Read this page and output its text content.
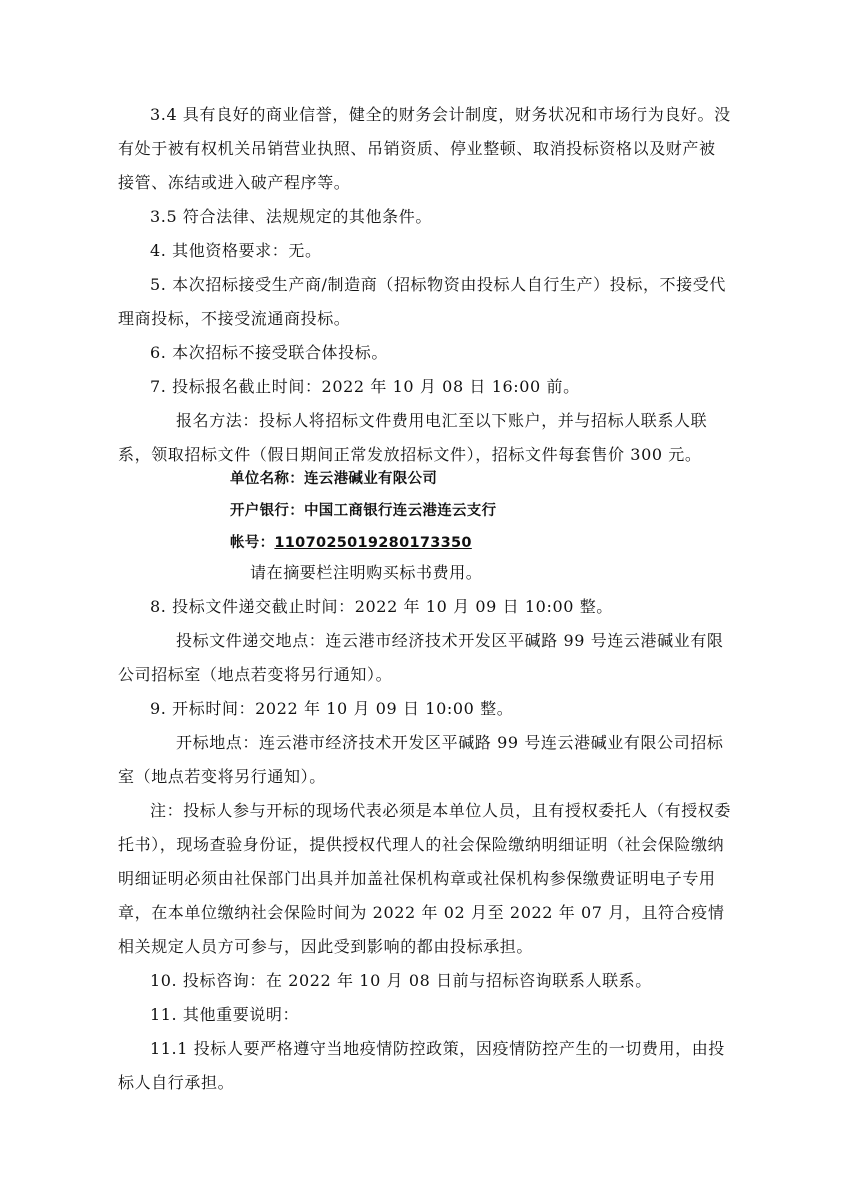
3.4 具有良好的商业信誉，健全的财务会计制度，财务状况和市场行为良好。没有处于被有权机关吊销营业执照、吊销资质、停业整顿、取消投标资格以及财产被接管、冻结或进入破产程序等。

3.5 符合法律、法规规定的其他条件。

4. 其他资格要求：无。

5. 本次招标接受生产商/制造商（招标物资由投标人自行生产）投标，不接受代理商投标，不接受流通商投标。

6. 本次招标不接受联合体投标。

7. 投标报名截止时间：2022 年 10 月 08 日 16:00 前。

报名方法：投标人将招标文件费用电汇至以下账户，并与招标人联系人联系，领取招标文件（假日期间正常发放招标文件），招标文件每套售价 300 元。

单位名称：连云港碱业有限公司
开户银行：中国工商银行连云港连云支行
帐号：1107025019280173350

请在摘要栏注明购买标书费用。

8. 投标文件递交截止时间：2022 年 10 月 09 日 10:00 整。

投标文件递交地点：连云港市经济技术开发区平碱路 99 号连云港碱业有限公司招标室（地点若变将另行通知）。

9. 开标时间：2022 年 10 月 09 日 10:00 整。

开标地点：连云港市经济技术开发区平碱路 99 号连云港碱业有限公司招标室（地点若变将另行通知）。

注：投标人参与开标的现场代表必须是本单位人员，且有授权委托人（有授权委托书），现场查验身份证，提供授权代理人的社会保险缴纳明细证明（社会保险缴纳明细证明必须由社保部门出具并加盖社保机构章或社保机构参保缴费证明电子专用章，在本单位缴纳社会保险时间为 2022 年 02 月至 2022 年 07 月，且符合疫情相关规定人员方可参与，因此受到影响的都由投标承担。

10. 投标咨询：在 2022 年 10 月 08 日前与招标咨询联系人联系。

11. 其他重要说明：

11.1 投标人要严格遵守当地疫情防控政策，因疫情防控产生的一切费用，由投标人自行承担。
